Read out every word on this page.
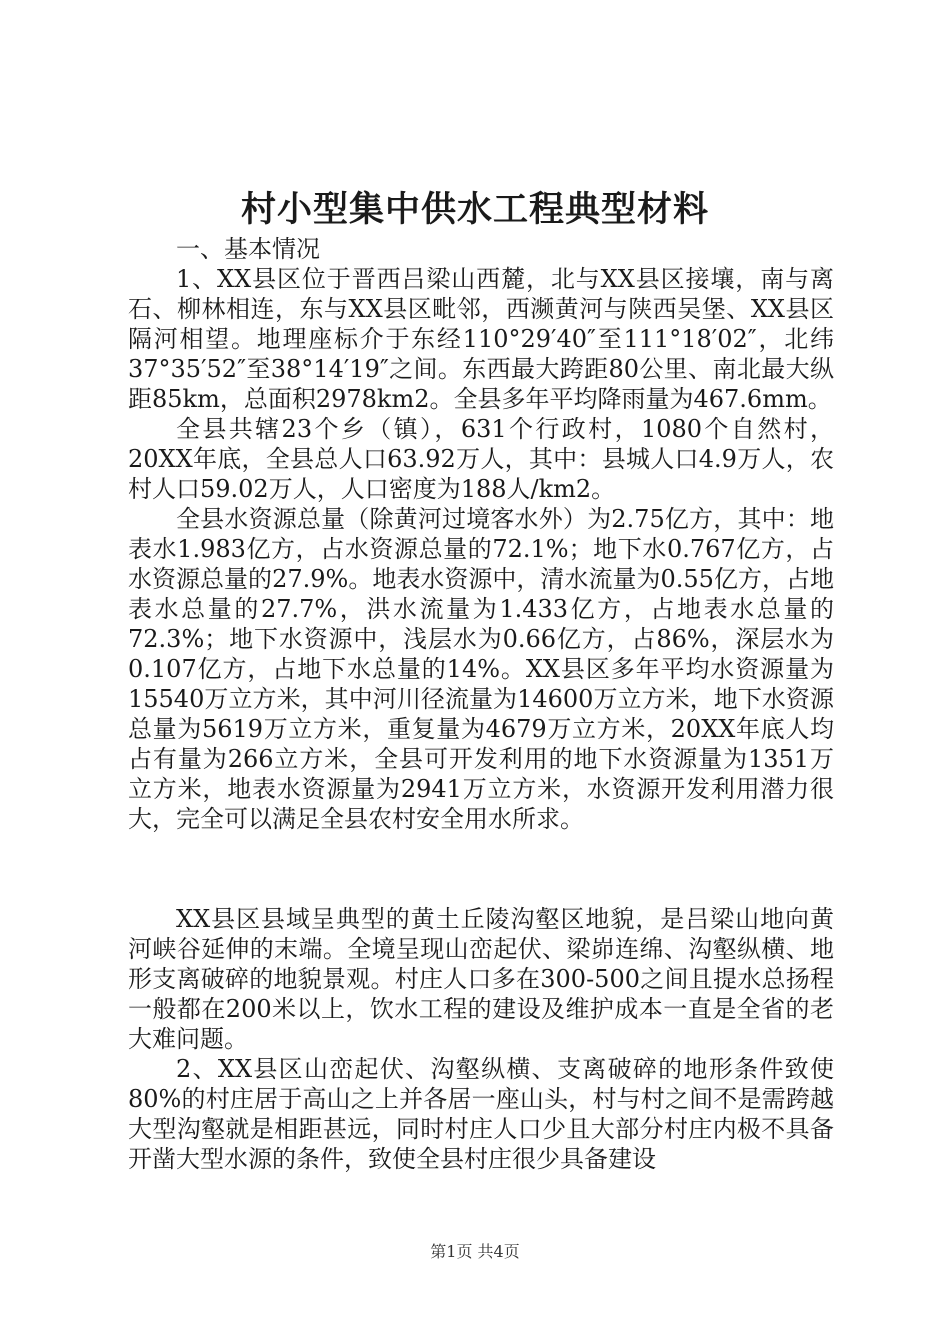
村小型集中供水工程典型材料

一、基本情况

1、XX县区位于晋西吕梁山西麓，北与XX县区接壤，南与离石、柳林相连，东与XX县区毗邻，西濒黄河与陕西吴堡、XX县区隔河相望。地理座标介于东经110°29′40″至111°18′02″，北纬37°35′52″至38°14′19″之间。东西最大跨距80公里、南北最大纵距85km，总面积2978km2。全县多年平均降雨量为467.6mm。

全县共辖23个乡（镇），631个行政村，1080个自然村，20XX年底，全县总人口63.92万人，其中：县城人口4.9万人，农村人口59.02万人，人口密度为188人/km2。

全县水资源总量（除黄河过境客水外）为2.75亿方，其中：地表水1.983亿方，占水资源总量的72.1%；地下水0.767亿方，占水资源总量的27.9%。地表水资源中，清水流量为0.55亿方，占地表水总量的27.7%，洪水流量为1.433亿方，占地表水总量的72.3%；地下水资源中，浅层水为0.66亿方，占86%，深层水为0.107亿方，占地下水总量的14%。XX县区多年平均水资源量为15540万立方米，其中河川径流量为14600万立方米，地下水资源总量为5619万立方米，重复量为4679万立方米，20XX年底人均占有量为266立方米，全县可开发利用的地下水资源量为1351万立方米，地表水资源量为2941万立方米，水资源开发利用潜力很大，完全可以满足全县农村安全用水所求。

XX县区县域呈典型的黄土丘陵沟壑区地貌，是吕梁山地向黄河峡谷延伸的末端。全境呈现山峦起伏、梁峁连绵、沟壑纵横、地形支离破碎的地貌景观。村庄人口多在300-500之间且提水总扬程一般都在200米以上，饮水工程的建设及维护成本一直是全省的老大难问题。

2、XX县区山峦起伏、沟壑纵横、支离破碎的地形条件致使80%的村庄居于高山之上并各居一座山头，村与村之间不是需跨越大型沟壑就是相距甚远，同时村庄人口少且大部分村庄内极不具备开凿大型水源的条件，致使全县村庄很少具备建设

第1页 共4页
